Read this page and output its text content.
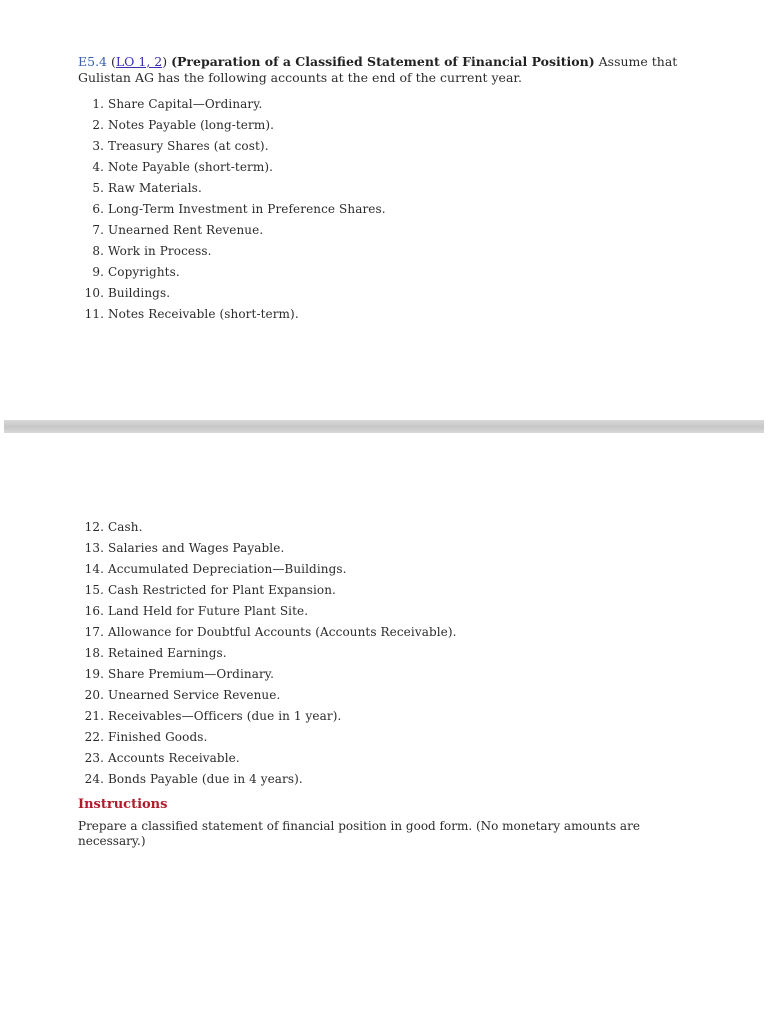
E5.4 (LO 1, 2) (Preparation of a Classified Statement of Financial Position) Assume that Gulistan AG has the following accounts at the end of the current year.
1. Share Capital—Ordinary.
2. Notes Payable (long-term).
3. Treasury Shares (at cost).
4. Note Payable (short-term).
5. Raw Materials.
6. Long-Term Investment in Preference Shares.
7. Unearned Rent Revenue.
8. Work in Process.
9. Copyrights.
10. Buildings.
11. Notes Receivable (short-term).
12. Cash.
13. Salaries and Wages Payable.
14. Accumulated Depreciation—Buildings.
15. Cash Restricted for Plant Expansion.
16. Land Held for Future Plant Site.
17. Allowance for Doubtful Accounts (Accounts Receivable).
18. Retained Earnings.
19. Share Premium—Ordinary.
20. Unearned Service Revenue.
21. Receivables—Officers (due in 1 year).
22. Finished Goods.
23. Accounts Receivable.
24. Bonds Payable (due in 4 years).
Instructions
Prepare a classified statement of financial position in good form. (No monetary amounts are necessary.)
